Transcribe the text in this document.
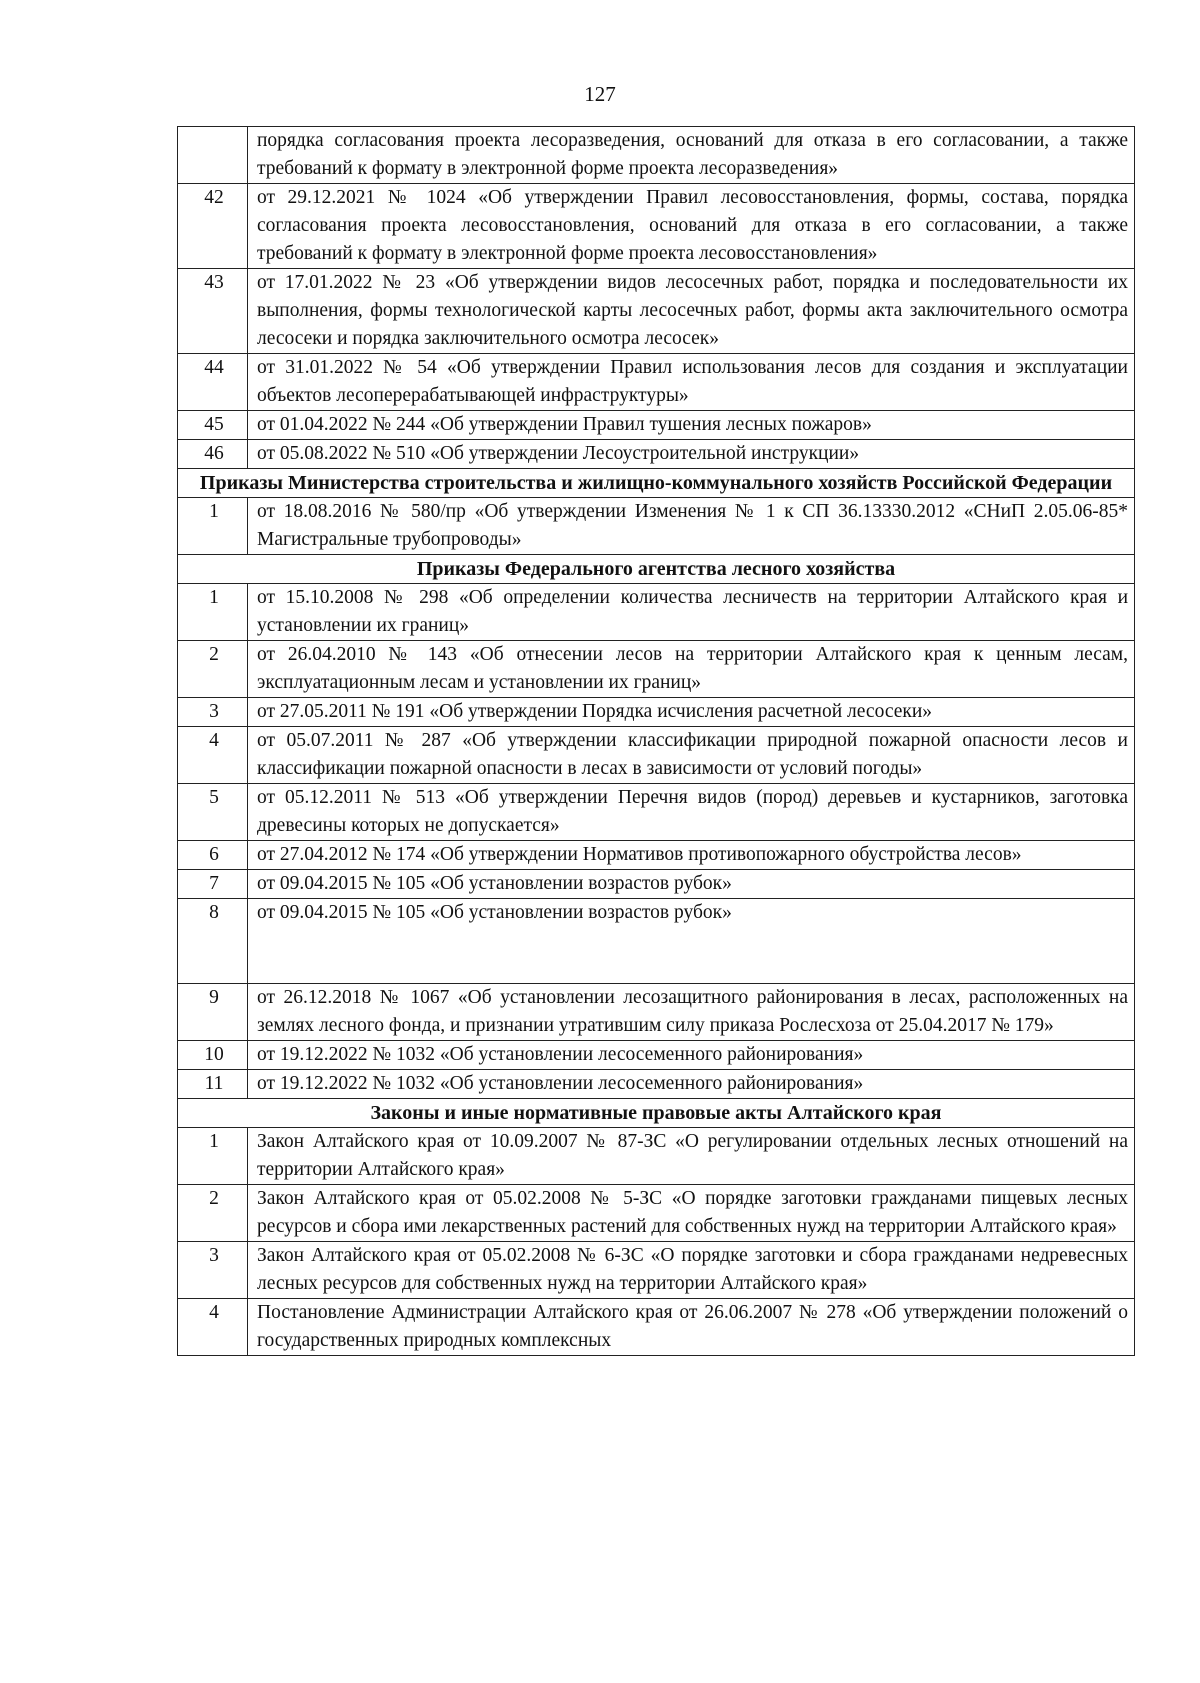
127
	порядка согласования проекта лесоразведения, оснований для отказа в его согласовании, а также требований к формату в электронной форме проекта лесоразведения»
42	от 29.12.2021 № 1024 «Об утверждении Правил лесовосстановления, формы, состава, порядка согласования проекта лесовосстановления, оснований для отказа в его согласовании, а также требований к формату в электронной форме проекта лесовосстановления»
43	от 17.01.2022 № 23 «Об утверждении видов лесосечных работ, порядка и последовательности их выполнения, формы технологической карты лесосечных работ, формы акта заключительного осмотра лесосеки и порядка заключительного осмотра лесосек»
44	от 31.01.2022 № 54 «Об утверждении Правил использования лесов для создания и эксплуатации объектов лесоперерабатывающей инфраструктуры»
45	от 01.04.2022 № 244 «Об утверждении Правил тушения лесных пожаров»
46	от 05.08.2022 № 510 «Об утверждении Лесоустроительной инструкции»
Приказы Министерства строительства и жилищно-коммунального хозяйств Российской Федерации	
1	от 18.08.2016 № 580/пр «Об утверждении Изменения № 1 к СП 36.13330.2012 «СНиП 2.05.06-85* Магистральные трубопроводы»
Приказы Федерального агентства лесного хозяйства	
1	от 15.10.2008 № 298 «Об определении количества лесничеств на территории Алтайского края и установлении их границ»
2	от 26.04.2010 № 143 «Об отнесении лесов на территории Алтайского края к ценным лесам, эксплуатационным лесам и установлении их границ»
3	от 27.05.2011 № 191 «Об утверждении Порядка исчисления расчетной лесосеки»
4	от 05.07.2011 № 287 «Об утверждении классификации природной пожарной опасности лесов и классификации пожарной опасности в лесах в зависимости от условий погоды»
5	от 05.12.2011 № 513 «Об утверждении Перечня видов (пород) деревьев и кустарников, заготовка древесины которых не допускается»
6	от 27.04.2012 № 174 «Об утверждении Нормативов противопожарного обустройства лесов»
7	от 09.04.2015 № 105 «Об установлении возрастов рубок»
8	от 09.04.2015 № 105 «Об установлении возрастов рубок»
9	от 26.12.2018 № 1067 «Об установлении лесозащитного районирования в лесах, расположенных на землях лесного фонда, и признании утратившим силу приказа Рослесхоза от 25.04.2017 № 179»
10	от 19.12.2022 № 1032 «Об установлении лесосеменного районирования»
11	от 19.12.2022 № 1032 «Об установлении лесосеменного районирования»
Законы и иные нормативные правовые акты Алтайского края	
1	Закон Алтайского края от 10.09.2007 № 87-ЗС «О регулировании отдельных лесных отношений на территории Алтайского края»
2	Закон Алтайского края от 05.02.2008 № 5-ЗС «О порядке заготовки гражданами пищевых лесных ресурсов и сбора ими лекарственных растений для собственных нужд на территории Алтайского края»
3	Закон Алтайского края от 05.02.2008 № 6-ЗС «О порядке заготовки и сбора гражданами недревесных лесных ресурсов для собственных нужд на территории Алтайского края»
4	Постановление Администрации Алтайского края от 26.06.2007 № 278 «Об утверждении положений о государственных природных комплексных
